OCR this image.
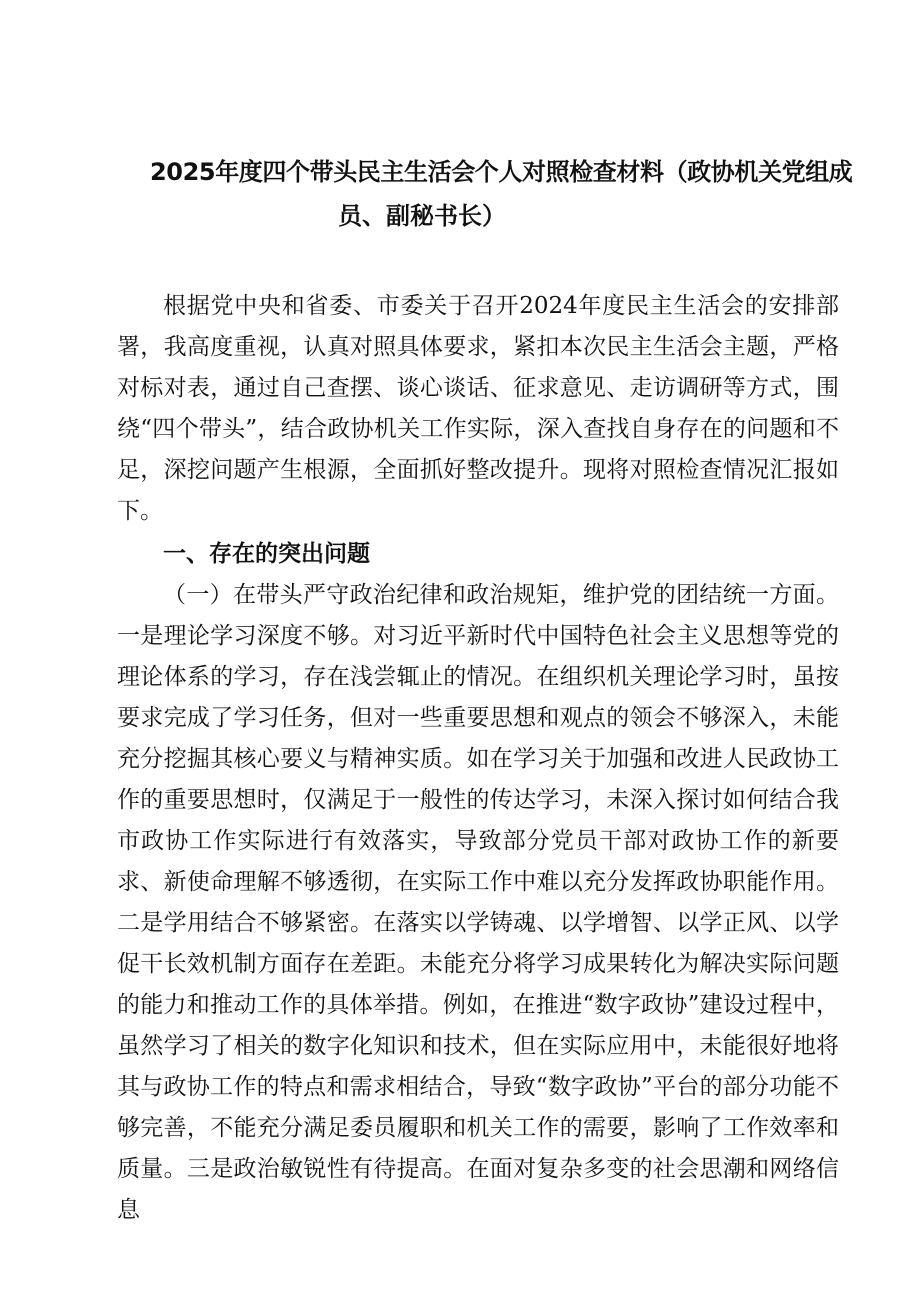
2025年度四个带头民主生活会个人对照检查材料（政协机关党组成
员、副秘书长）

根据党中央和省委、市委关于召开2024年度民主生活会的安排部署，我高度重视，认真对照具体要求，紧扣本次民主生活会主题，严格对标对表，通过自己查摆、谈心谈话、征求意见、走访调研等方式，围绕“四个带头”，结合政协机关工作实际，深入查找自身存在的问题和不足，深挖问题产生根源，全面抓好整改提升。现将对照检查情况汇报如下。

一、存在的突出问题

（一）在带头严守政治纪律和政治规矩，维护党的团结统一方面。一是理论学习深度不够。对习近平新时代中国特色社会主义思想等党的理论体系的学习，存在浅尝辄止的情况。在组织机关理论学习时，虽按要求完成了学习任务，但对一些重要思想和观点的领会不够深入，未能充分挖掘其核心要义与精神实质。如在学习关于加强和改进人民政协工作的重要思想时，仅满足于一般性的传达学习，未深入探讨如何结合我市政协工作实际进行有效落实，导致部分党员干部对政协工作的新要求、新使命理解不够透彻，在实际工作中难以充分发挥政协职能作用。二是学用结合不够紧密。在落实以学铸魂、以学增智、以学正风、以学促干长效机制方面存在差距。未能充分将学习成果转化为解决实际问题的能力和推动工作的具体举措。例如，在推进“数字政协”建设过程中，虽然学习了相关的数字化知识和技术，但在实际应用中，未能很好地将其与政协工作的特点和需求相结合，导致“数字政协”平台的部分功能不够完善，不能充分满足委员履职和机关工作的需要，影响了工作效率和质量。三是政治敏锐性有待提高。在面对复杂多变的社会思潮和网络信息
